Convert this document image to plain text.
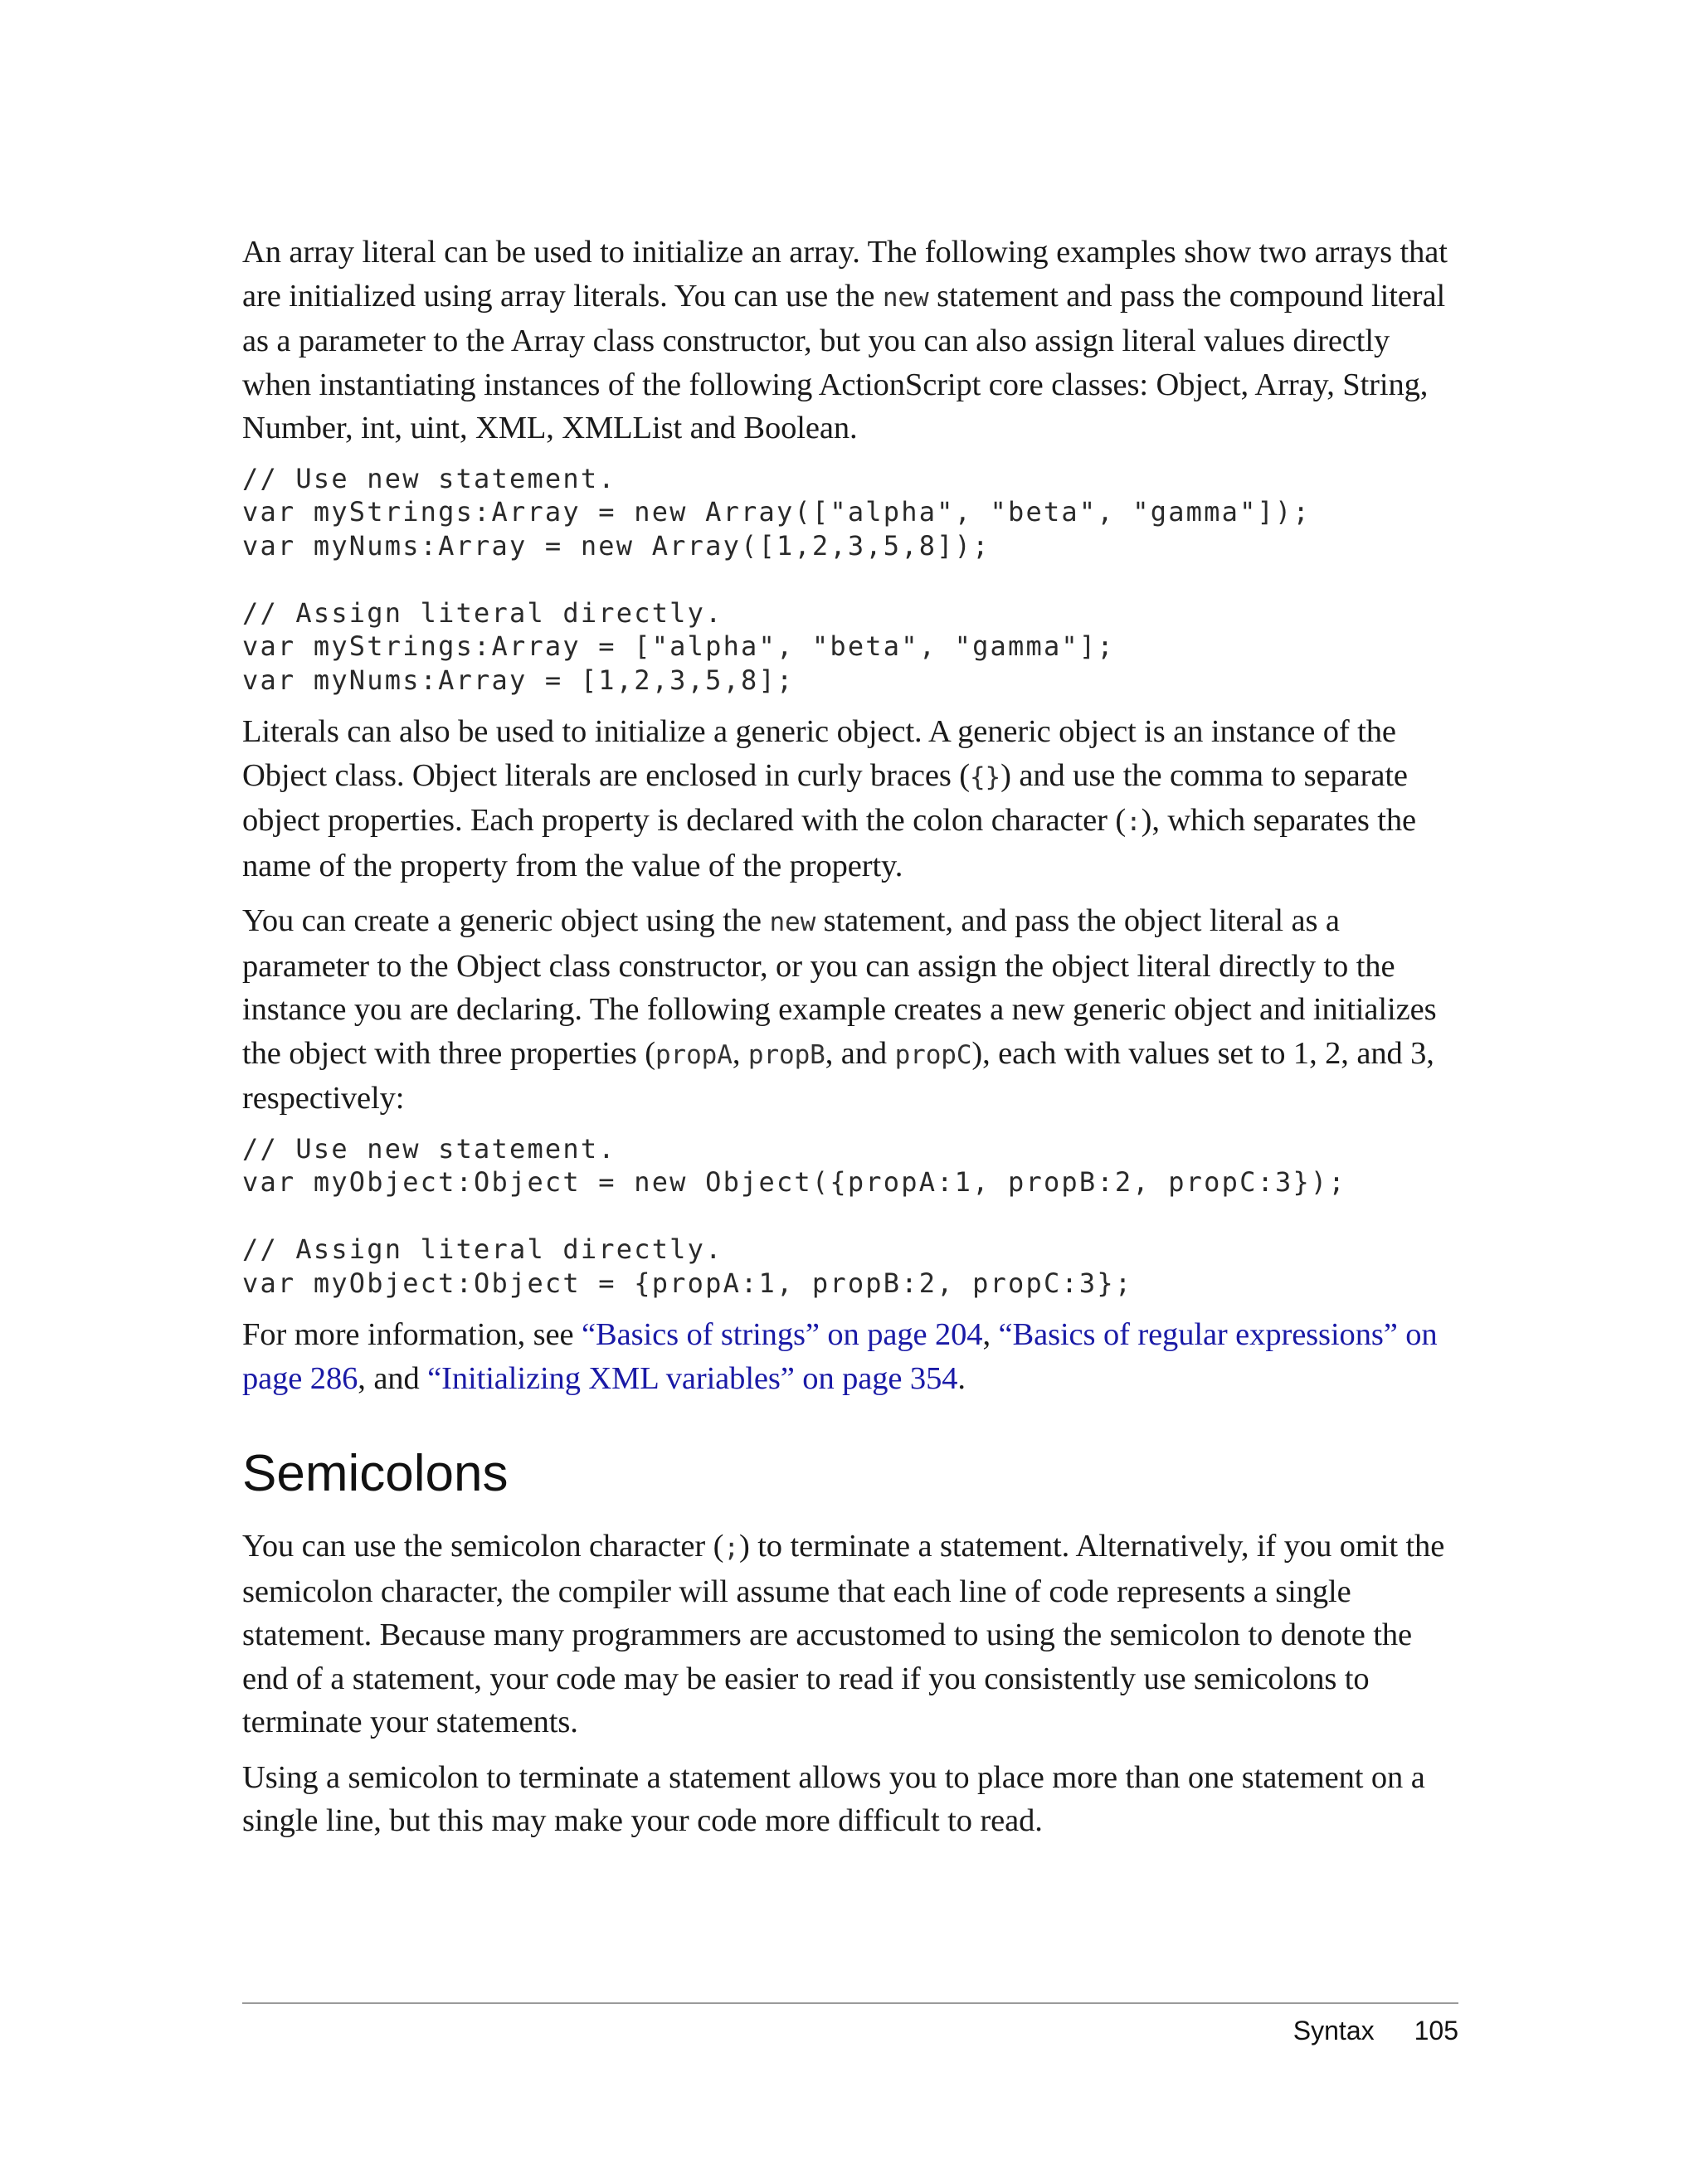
An array literal can be used to initialize an array. The following examples show two arrays that are initialized using array literals. You can use the new statement and pass the compound literal as a parameter to the Array class constructor, but you can also assign literal values directly when instantiating instances of the following ActionScript core classes: Object, Array, String, Number, int, uint, XML, XMLList and Boolean.

// Use new statement.
var myStrings:Array = new Array(["alpha", "beta", "gamma"]);
var myNums:Array = new Array([1,2,3,5,8]);
// Assign literal directly.
var myStrings:Array = ["alpha", "beta", "gamma"];
var myNums:Array = [1,2,3,5,8];

Literals can also be used to initialize a generic object. A generic object is an instance of the Object class. Object literals are enclosed in curly braces ({}) and use the comma to separate object properties. Each property is declared with the colon character (:), which separates the name of the property from the value of the property.

You can create a generic object using the new statement, and pass the object literal as a parameter to the Object class constructor, or you can assign the object literal directly to the instance you are declaring. The following example creates a new generic object and initializes the object with three properties (propA, propB, and propC), each with values set to 1, 2, and 3, respectively:

// Use new statement.
var myObject:Object = new Object({propA:1, propB:2, propC:3});
// Assign literal directly.
var myObject:Object = {propA:1, propB:2, propC:3};

For more information, see “Basics of strings” on page 204, “Basics of regular expressions” on page 286, and “Initializing XML variables” on page 354.

Semicolons

You can use the semicolon character (;) to terminate a statement. Alternatively, if you omit the semicolon character, the compiler will assume that each line of code represents a single statement. Because many programmers are accustomed to using the semicolon to denote the end of a statement, your code may be easier to read if you consistently use semicolons to terminate your statements.

Using a semicolon to terminate a statement allows you to place more than one statement on a single line, but this may make your code more difficult to read.

Syntax 105
